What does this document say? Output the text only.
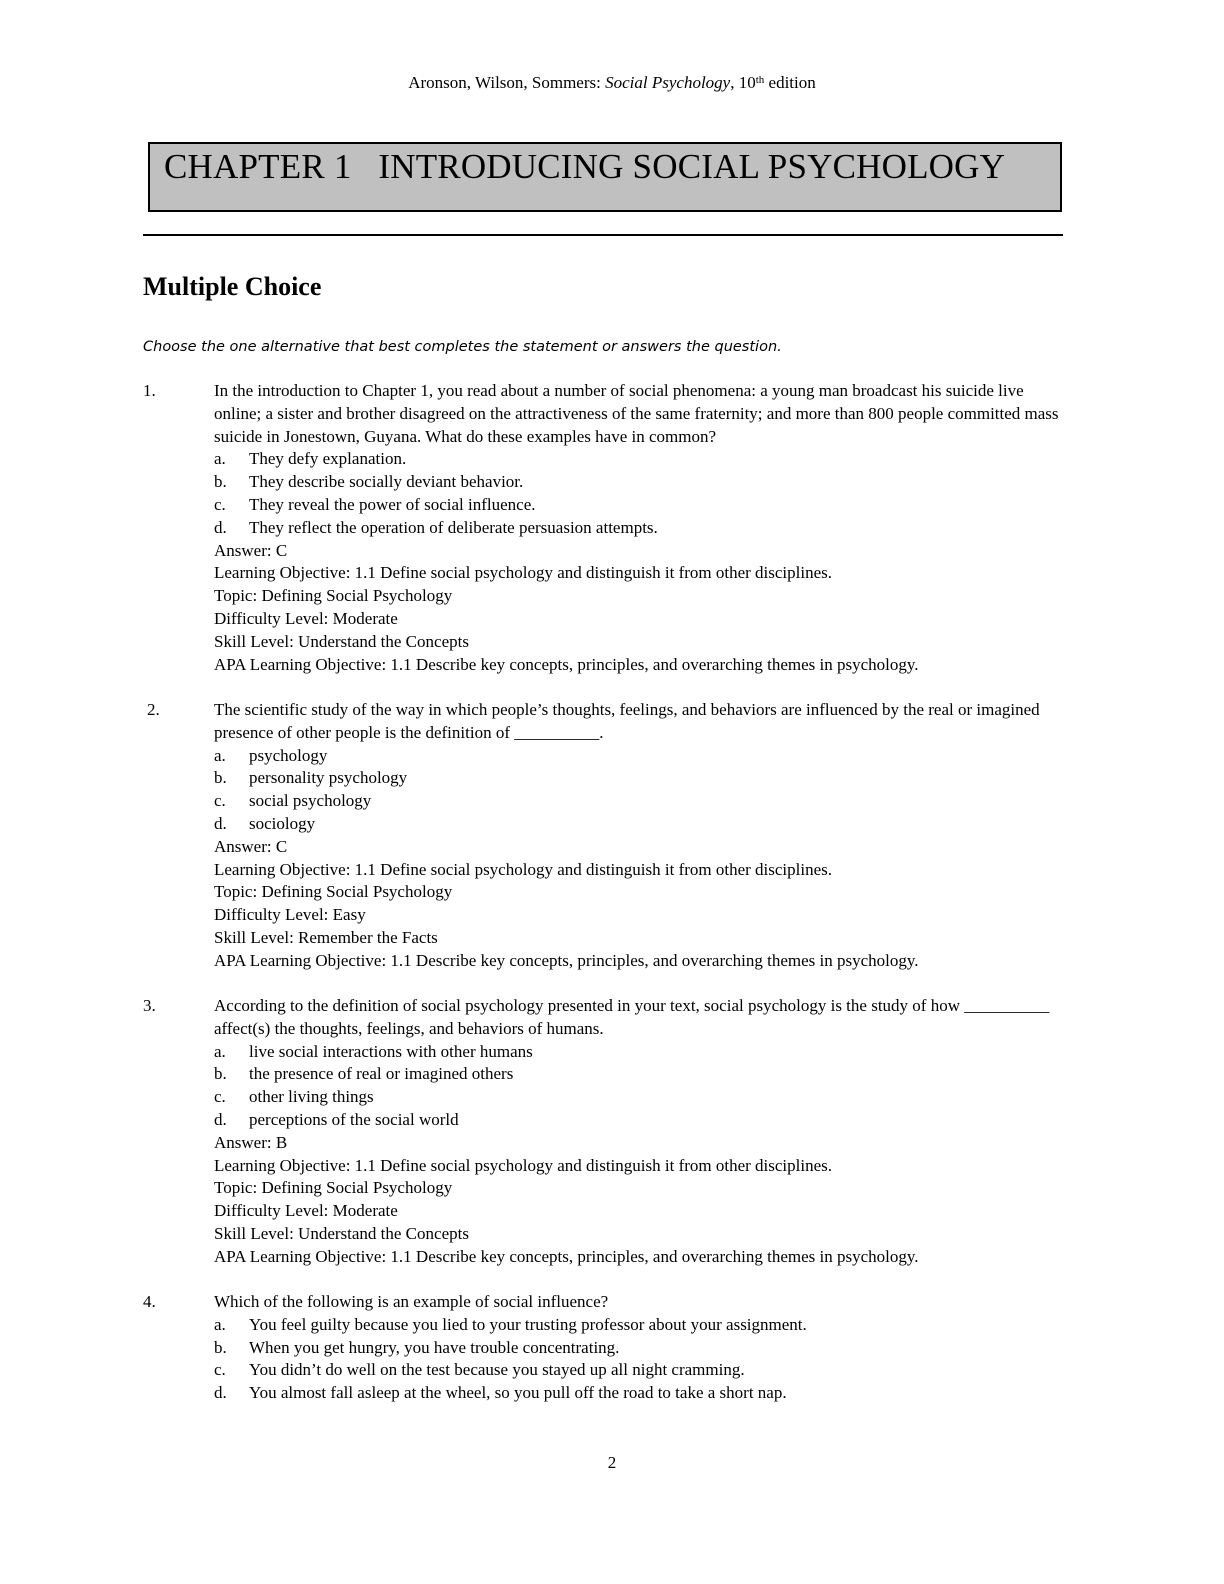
Aronson, Wilson, Sommers: Social Psychology, 10th edition
CHAPTER 1   INTRODUCING SOCIAL PSYCHOLOGY
Multiple Choice
Choose the one alternative that best completes the statement or answers the question.
1.	In the introduction to Chapter 1, you read about a number of social phenomena: a young man broadcast his suicide live online; a sister and brother disagreed on the attractiveness of the same fraternity; and more than 800 people committed mass suicide in Jonestown, Guyana. What do these examples have in common?

a. They defy explanation.

b. They describe socially deviant behavior.

c. They reveal the power of social influence.

d. They reflect the operation of deliberate persuasion attempts.

Answer: C

Learning Objective: 1.1 Define social psychology and distinguish it from other disciplines.

Topic: Defining Social Psychology

Difficulty Level: Moderate

Skill Level: Understand the Concepts

APA Learning Objective: 1.1 Describe key concepts, principles, and overarching themes in psychology.

2.	The scientific study of the way in which people’s thoughts, feelings, and behaviors are influenced by the real or imagined presence of other people is the definition of __________.

a. psychology

b. personality psychology

c. social psychology

d. sociology

Answer: C

Learning Objective: 1.1 Define social psychology and distinguish it from other disciplines.

Topic: Defining Social Psychology

Difficulty Level: Easy

Skill Level: Remember the Facts

APA Learning Objective: 1.1 Describe key concepts, principles, and overarching themes in psychology.

3.	According to the definition of social psychology presented in your text, social psychology is the study of how __________ affect(s) the thoughts, feelings, and behaviors of humans.

a. live social interactions with other humans

b. the presence of real or imagined others

c. other living things

d. perceptions of the social world

Answer: B

Learning Objective: 1.1 Define social psychology and distinguish it from other disciplines.

Topic: Defining Social Psychology

Difficulty Level: Moderate

Skill Level: Understand the Concepts

APA Learning Objective: 1.1 Describe key concepts, principles, and overarching themes in psychology.

4.	Which of the following is an example of social influence?

a. You feel guilty because you lied to your trusting professor about your assignment.

b. When you get hungry, you have trouble concentrating.

c. You didn’t do well on the test because you stayed up all night cramming.

d. You almost fall asleep at the wheel, so you pull off the road to take a short nap.

2
